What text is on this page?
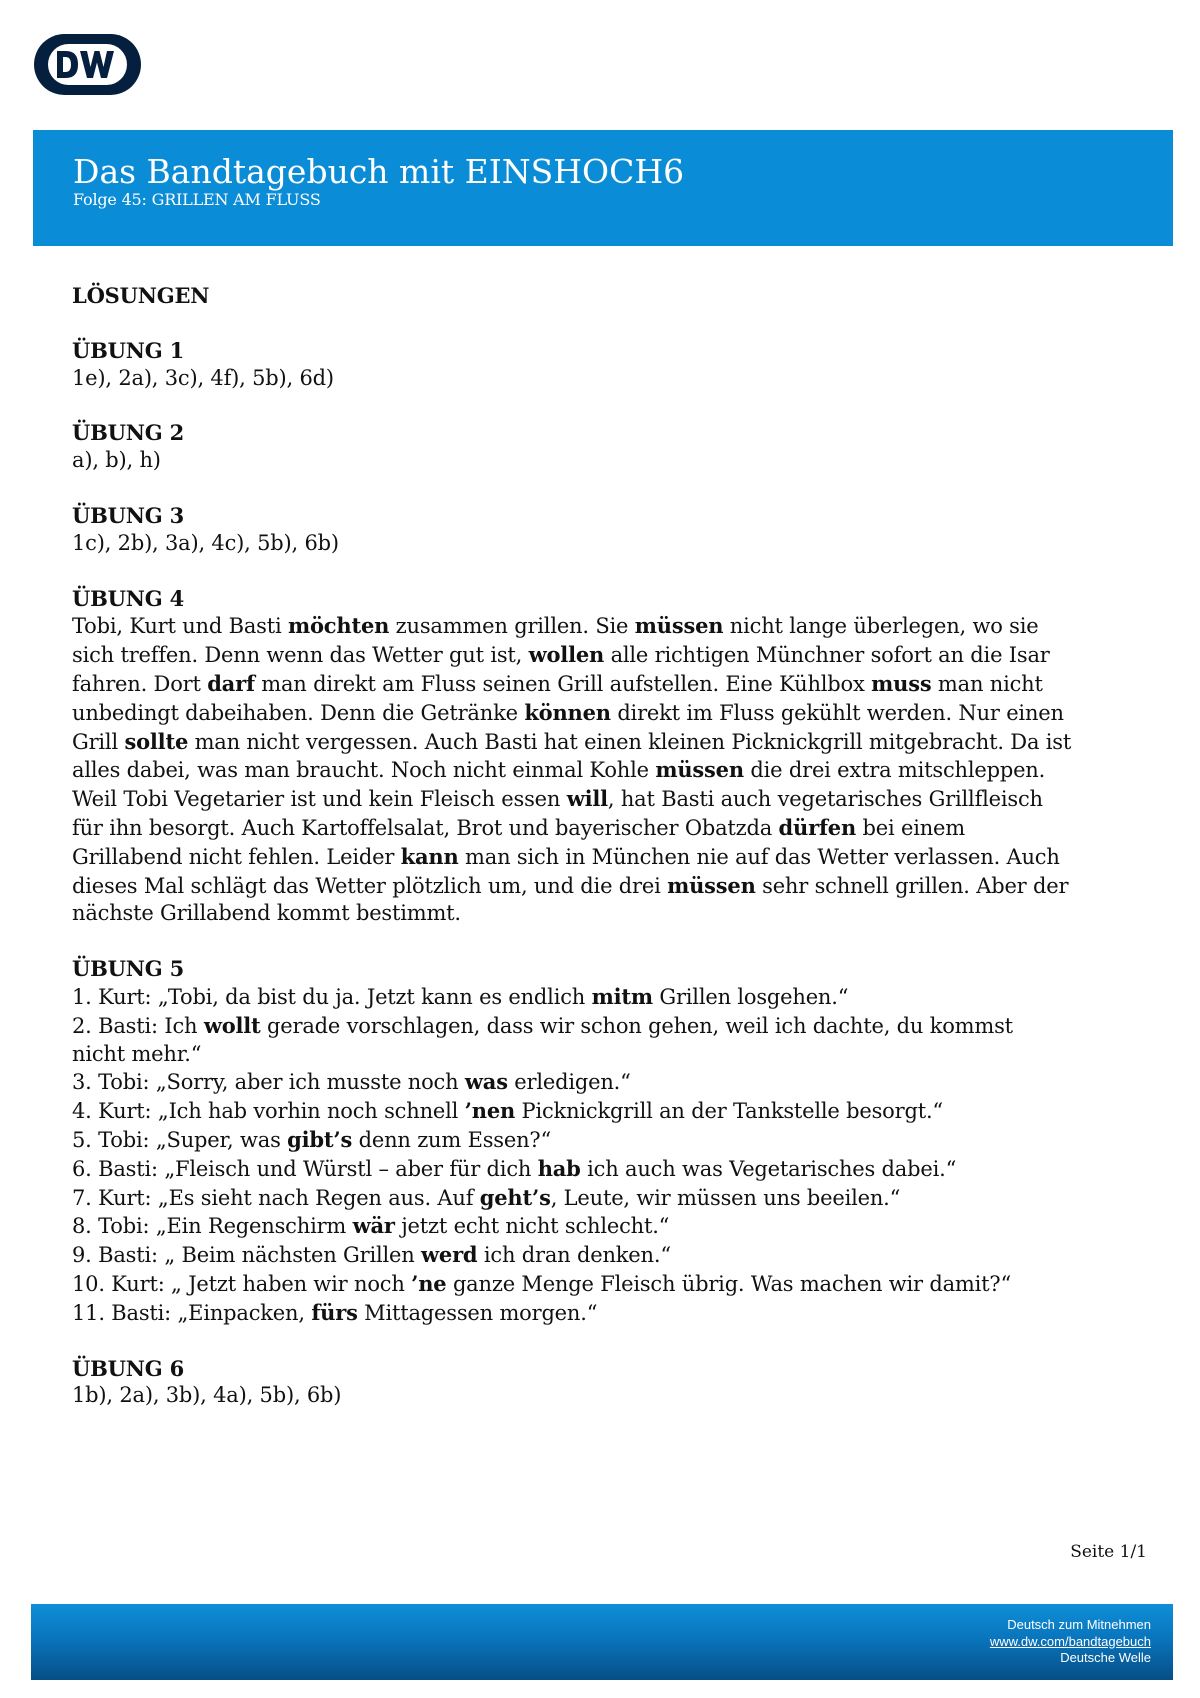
Das Bandtagebuch mit EINSHOCH6
Folge 45: GRILLEN AM FLUSS
LÖSUNGEN
ÜBUNG 1
1e), 2a), 3c), 4f), 5b), 6d)
ÜBUNG 2
a), b), h)
ÜBUNG 3
1c), 2b), 3a), 4c), 5b), 6b)
ÜBUNG 4

Tobi, Kurt und Basti möchten zusammen grillen. Sie müssen nicht lange überlegen, wo sie sich treffen. Denn wenn das Wetter gut ist, wollen alle richtigen Münchner sofort an die Isar fahren. Dort darf man direkt am Fluss seinen Grill aufstellen. Eine Kühlbox muss man nicht unbedingt dabeihaben. Denn die Getränke können direkt im Fluss gekühlt werden. Nur einen Grill sollte man nicht vergessen. Auch Basti hat einen kleinen Picknickgrill mitgebracht. Da ist alles dabei, was man braucht. Noch nicht einmal Kohle müssen die drei extra mitschleppen. Weil Tobi Vegetarier ist und kein Fleisch essen will, hat Basti auch vegetarisches Grillfleisch für ihn besorgt. Auch Kartoffelsalat, Brot und bayerischer Obatzda dürfen bei einem Grillabend nicht fehlen. Leider kann man sich in München nie auf das Wetter verlassen. Auch dieses Mal schlägt das Wetter plötzlich um, und die drei müssen sehr schnell grillen. Aber der nächste Grillabend kommt bestimmt.

ÜBUNG 5
1. Kurt: „Tobi, da bist du ja. Jetzt kann es endlich mitm Grillen losgehen.“
2. Basti: Ich wollt gerade vorschlagen, dass wir schon gehen, weil ich dachte, du kommst nicht mehr.“
3. Tobi: „Sorry, aber ich musste noch was erledigen.“
4. Kurt: „Ich hab vorhin noch schnell ’nen Picknickgrill an der Tankstelle besorgt.“
5. Tobi: „Super, was gibt’s denn zum Essen?“
6. Basti: „Fleisch und Würstl – aber für dich hab ich auch was Vegetarisches dabei.“
7. Kurt: „Es sieht nach Regen aus. Auf geht’s, Leute, wir müssen uns beeilen.“
8. Tobi: „Ein Regenschirm wär jetzt echt nicht schlecht.“
9. Basti: „ Beim nächsten Grillen werd ich dran denken.“
10. Kurt: „ Jetzt haben wir noch ’ne ganze Menge Fleisch übrig. Was machen wir damit?“
11. Basti: „Einpacken, fürs Mittagessen morgen.“
ÜBUNG 6
1b), 2a), 3b), 4a), 5b), 6b)
Seite 1/1
Deutsch zum Mitnehmen
www.dw.com/bandtagebuch
Deutsche Welle
